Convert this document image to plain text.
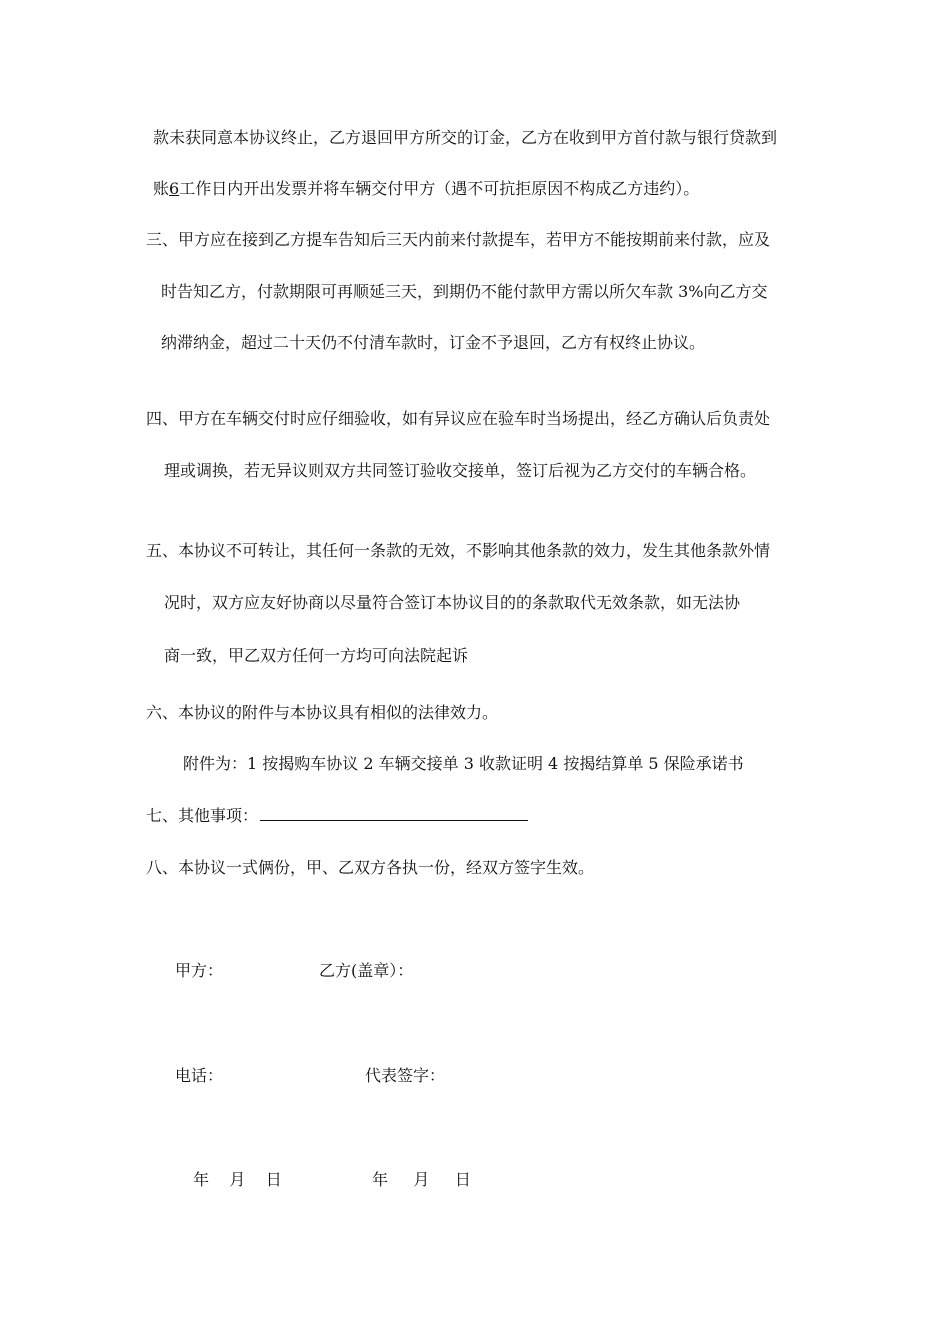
款未获同意本协议终止，乙方退回甲方所交的订金，乙方在收到甲方首付款与银行贷款到
账6工作日内开出发票并将车辆交付甲方（遇不可抗拒原因不构成乙方违约）。
三、甲方应在接到乙方提车告知后三天内前来付款提车，若甲方不能按期前来付款，应及
时告知乙方，付款期限可再顺延三天，到期仍不能付款甲方需以所欠车款 3%向乙方交
纳滞纳金，超过二十天仍不付清车款时，订金不予退回，乙方有权终止协议。
四、甲方在车辆交付时应仔细验收，如有异议应在验车时当场提出，经乙方确认后负责处
理或调换，若无异议则双方共同签订验收交接单，签订后视为乙方交付的车辆合格。
五、本协议不可转让，其任何一条款的无效，不影响其他条款的效力，发生其他条款外情
况时，双方应友好协商以尽量符合签订本协议目的的条款取代无效条款，如无法协
商一致，甲乙双方任何一方均可向法院起诉
六、本协议的附件与本协议具有相似的法律效力。
附件为：1 按揭购车协议 2 车辆交接单 3 收款证明 4 按揭结算单 5 保险承诺书
七、其他事项：
八、本协议一式俩份，甲、乙双方各执一份，经双方签字生效。
甲方：	乙方(盖章）：
电话：	代表签字：
年    月    日	年     月     日
